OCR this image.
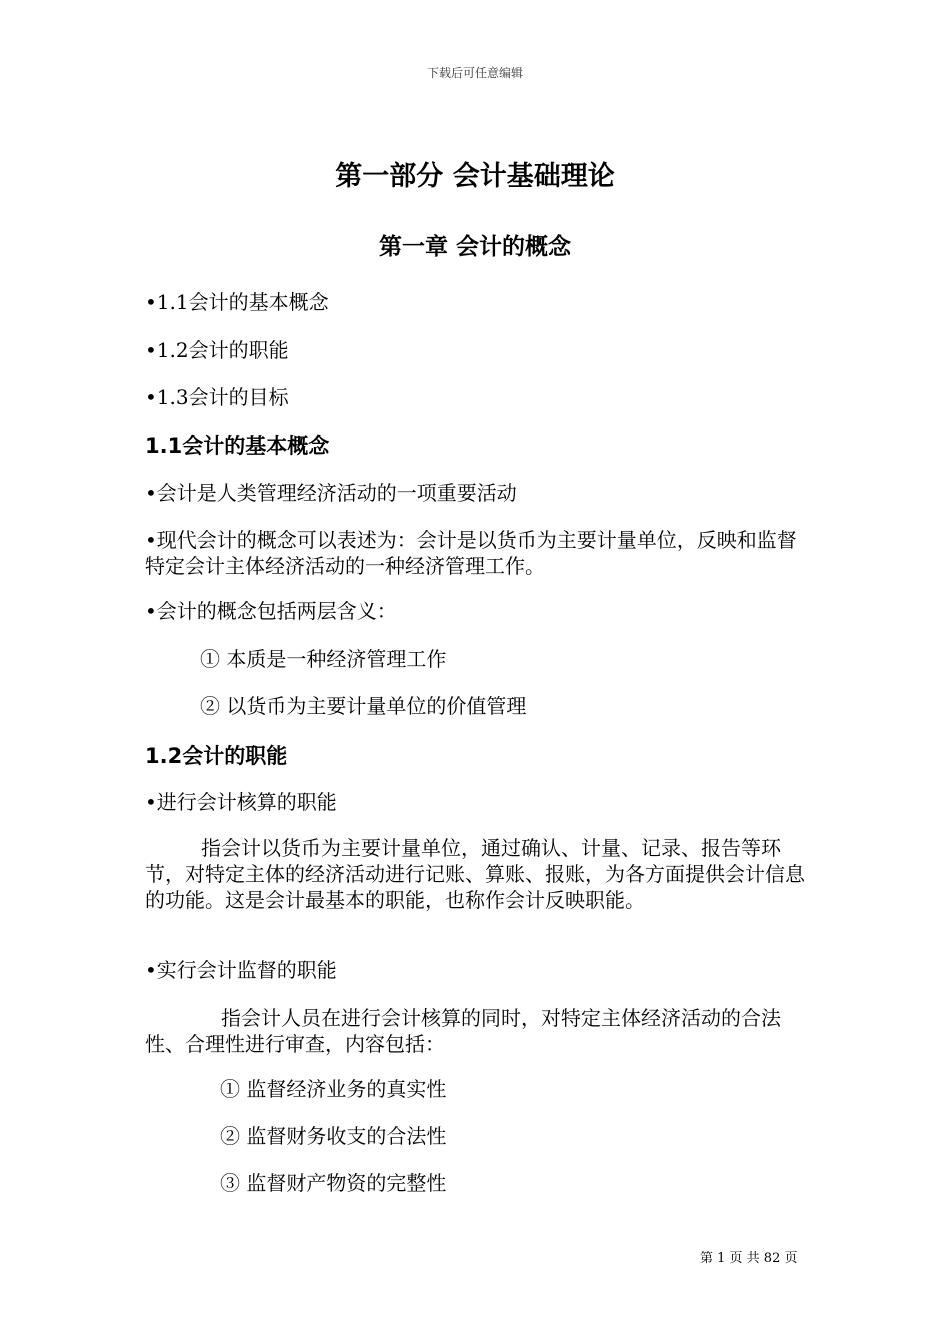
下载后可任意编辑
第一部分 会计基础理论
第一章 会计的概念

•1.1会计的基本概念

•1.2会计的职能

•1.3会计的目标

1.1会计的基本概念

•会计是人类管理经济活动的一项重要活动

•现代会计的概念可以表述为：会计是以货币为主要计量单位，反映和监督特定会计主体经济活动的一种经济管理工作。

•会计的概念包括两层含义：

① 本质是一种经济管理工作

② 以货币为主要计量单位的价值管理

1.2会计的职能

•进行会计核算的职能

指会计以货币为主要计量单位，通过确认、计量、记录、报告等环节，对特定主体的经济活动进行记账、算账、报账，为各方面提供会计信息的功能。这是会计最基本的职能，也称作会计反映职能。

•实行会计监督的职能

指会计人员在进行会计核算的同时，对特定主体经济活动的合法性、合理性进行审查，内容包括：

① 监督经济业务的真实性

② 监督财务收支的合法性

③ 监督财产物资的完整性

第 1 页 共 82 页
